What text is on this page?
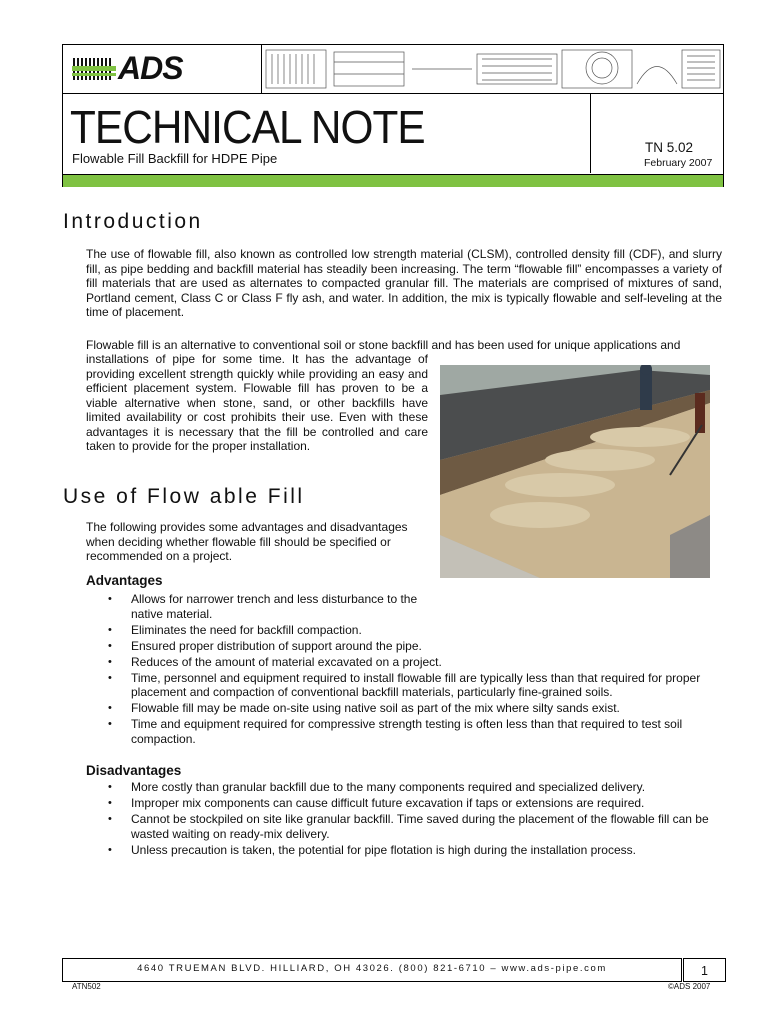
ADS
TECHNICAL NOTE
Flowable Fill Backfill for HDPE Pipe
TN 5.02
February 2007
Introduction

The use of flowable fill, also known as controlled low strength material (CLSM), controlled density fill (CDF), and slurry fill, as pipe bedding and backfill material has steadily been increasing. The term “flowable fill” encompasses a variety of fill materials that are used as alternates to compacted granular fill. The materials are comprised of mixtures of sand, Portland cement, Class C or Class F fly ash, and water. In addition, the mix is typically flowable and self-leveling at the time of placement.

Flowable fill is an alternative to conventional soil or stone backfill and has been used for unique applications and

installations of pipe for some time. It has the advantage of providing excellent strength quickly while providing an easy and efficient placement system. Flowable fill has proven to be a viable alternative when stone, sand, or other backfills have limited availability or cost prohibits their use. Even with these advantages it is necessary that the fill be controlled and care taken to provide for the proper installation.

Use of Flow able Fill

The following provides some advantages and disadvantages when deciding whether flowable fill should be specified or recommended on a project.

Advantages
• Allows for narrower trench and less disturbance to the native material.
• Eliminates the need for backfill compaction.
• Ensured proper distribution of support around the pipe.
• Reduces of the amount of material excavated on a project.
• Time, personnel and equipment required to install flowable fill are typically less than that required for proper placement and compaction of conventional backfill materials, particularly fine-grained soils.
• Flowable fill may be made on-site using native soil as part of the mix where silty sands exist.
• Time and equipment required for compressive strength testing is often less than that required to test soil compaction.
Disadvantages
• More costly than granular backfill due to the many components required and specialized delivery.
• Improper mix components can cause difficult future excavation if taps or extensions are required.
• Cannot be stockpiled on site like granular backfill. Time saved during the placement of the flowable fill can be wasted waiting on ready-mix delivery.
• Unless precaution is taken, the potential for pipe flotation is high during the installation process.
4640 TRUEMAN BLVD. HILLIARD, OH 43026. (800) 821-6710 – www.ads-pipe.com	1
ATN502	©ADS 2007
